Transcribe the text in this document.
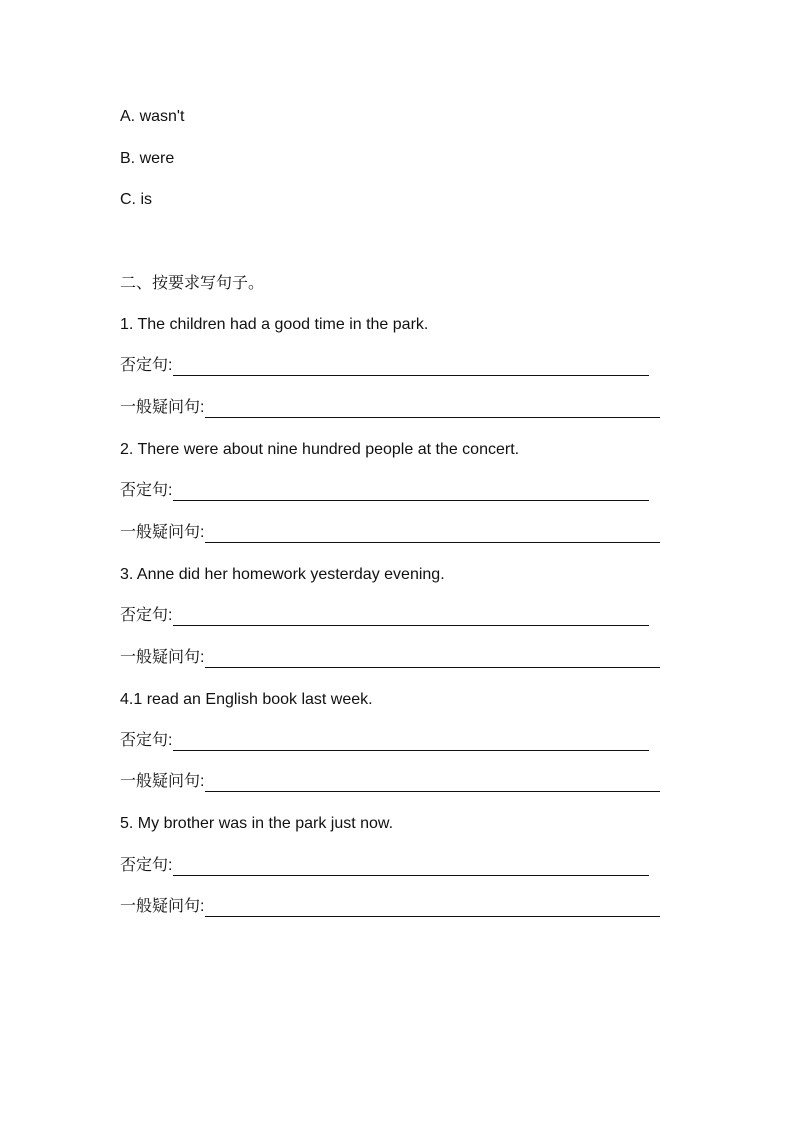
A. wasn't
B. were
C. is
二、按要求写句子。
1. The children had a good time in the park.
否定句:
一般疑问句:
2. There were about nine hundred people at the concert.
否定句:
一般疑问句:
3. Anne did her homework yesterday evening.
否定句:
一般疑问句:
4.1 read an English book last week.
否定句:
一般疑问句:
5. My brother was in the park just now.
否定句:
一般疑问句:
